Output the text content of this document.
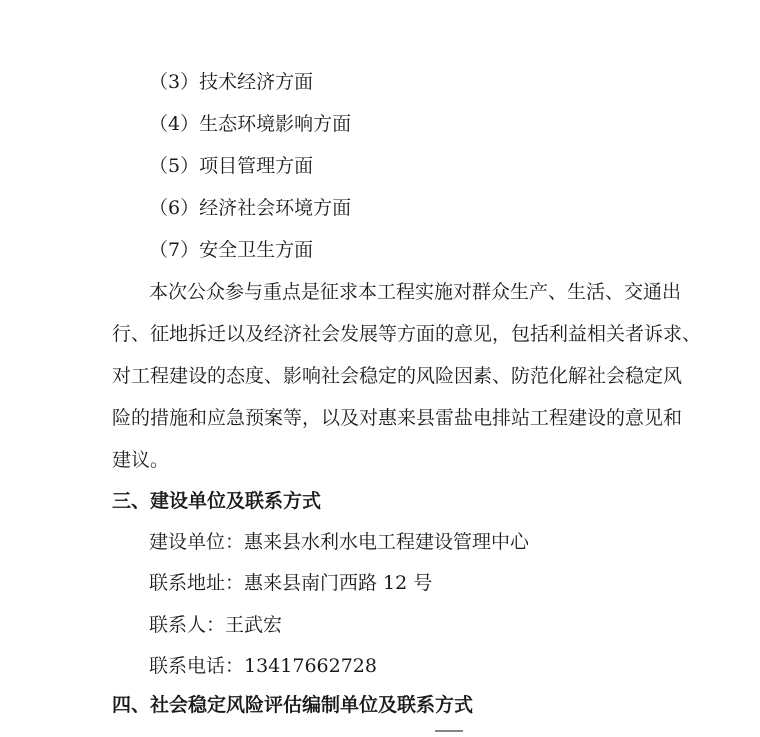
（3）技术经济方面
（4）生态环境影响方面
（5）项目管理方面
（6）经济社会环境方面
（7）安全卫生方面
本次公众参与重点是征求本工程实施对群众生产、生活、交通出
行、征地拆迁以及经济社会发展等方面的意见，包括利益相关者诉求、
对工程建设的态度、影响社会稳定的风险因素、防范化解社会稳定风
险的措施和应急预案等，以及对惠来县雷盐电排站工程建设的意见和
建议。
三、建设单位及联系方式
建设单位：惠来县水利水电工程建设管理中心
联系地址：惠来县南门西路 12 号
联系人：王武宏
联系电话：13417662728
四、社会稳定风险评估编制单位及联系方式
